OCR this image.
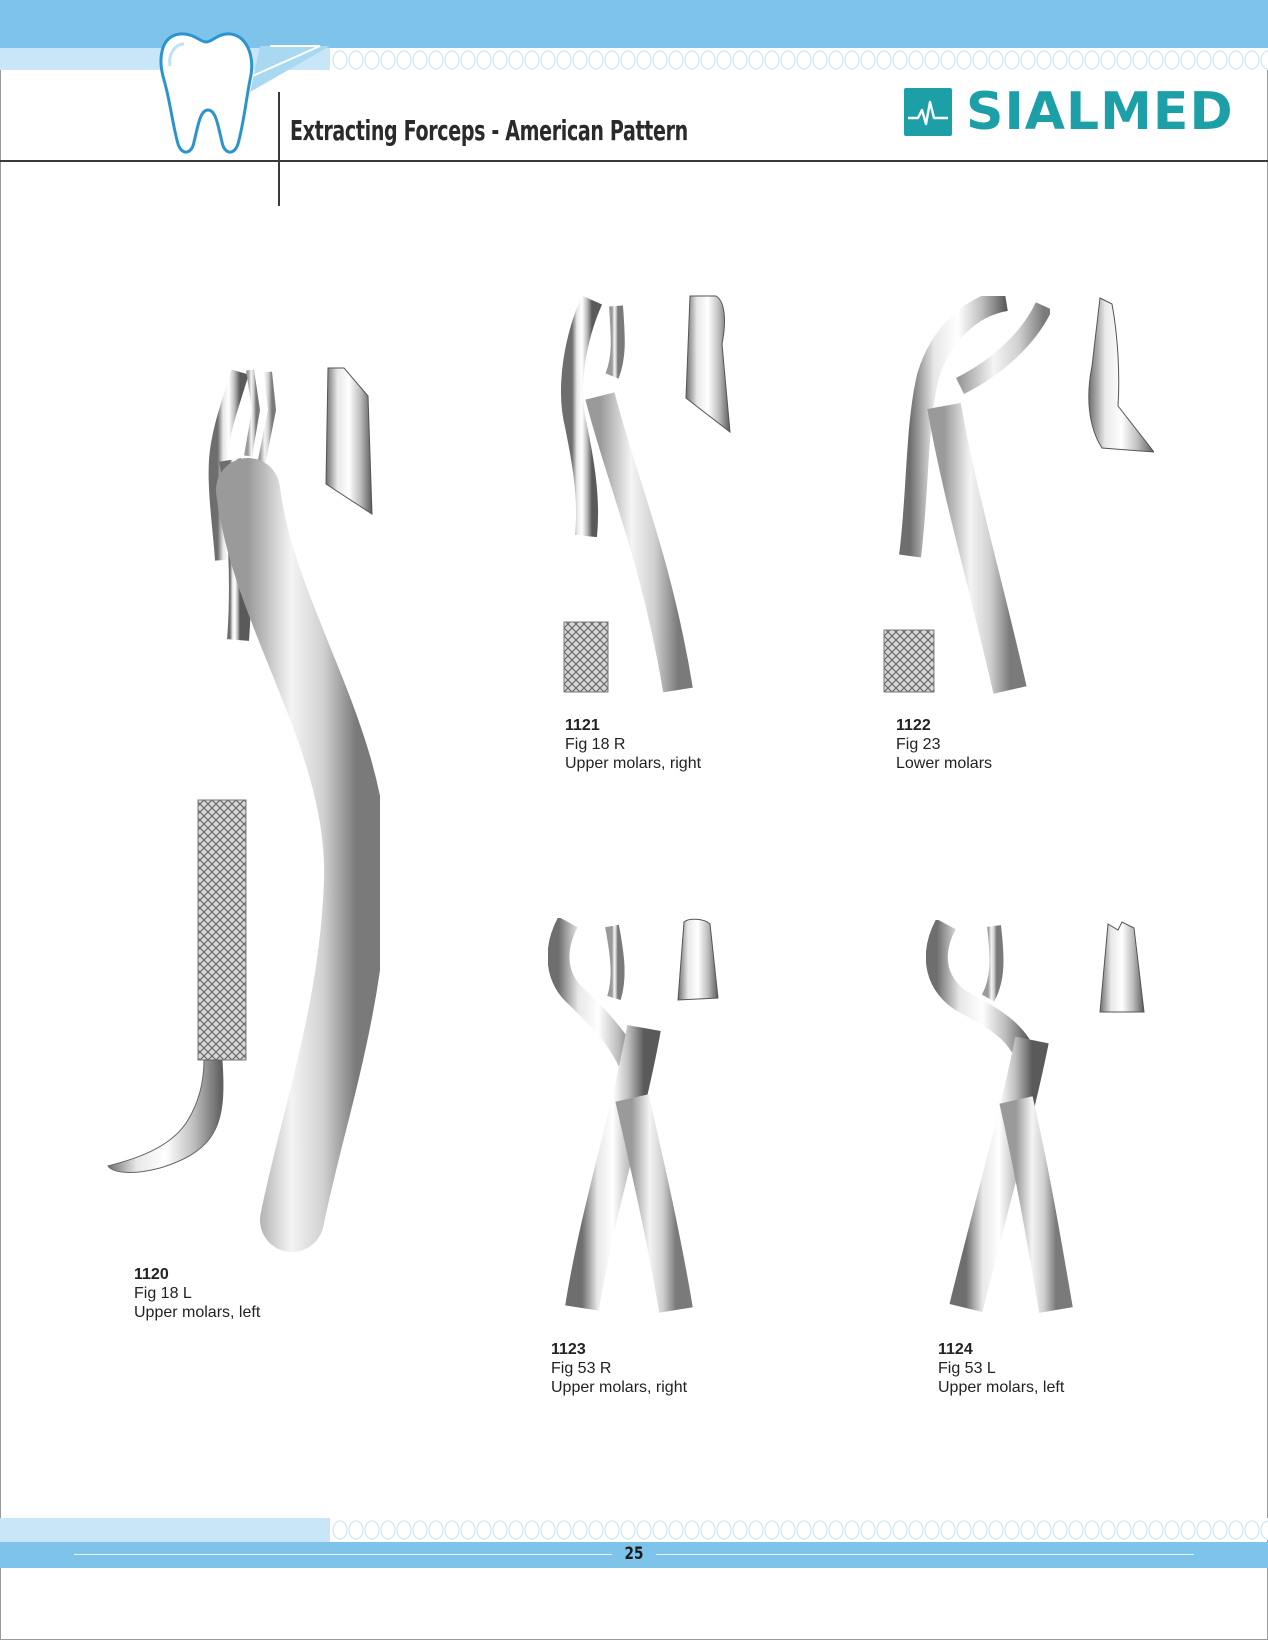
Extracting Forceps - American Pattern	SIALMED
1120
Fig 18 L
Upper molars, left
1121
Fig 18 R
Upper molars, right
1122
Fig 23
Lower molars
1123
Fig 53 R
Upper molars, right
1124
Fig 53 L
Upper molars, left
25
